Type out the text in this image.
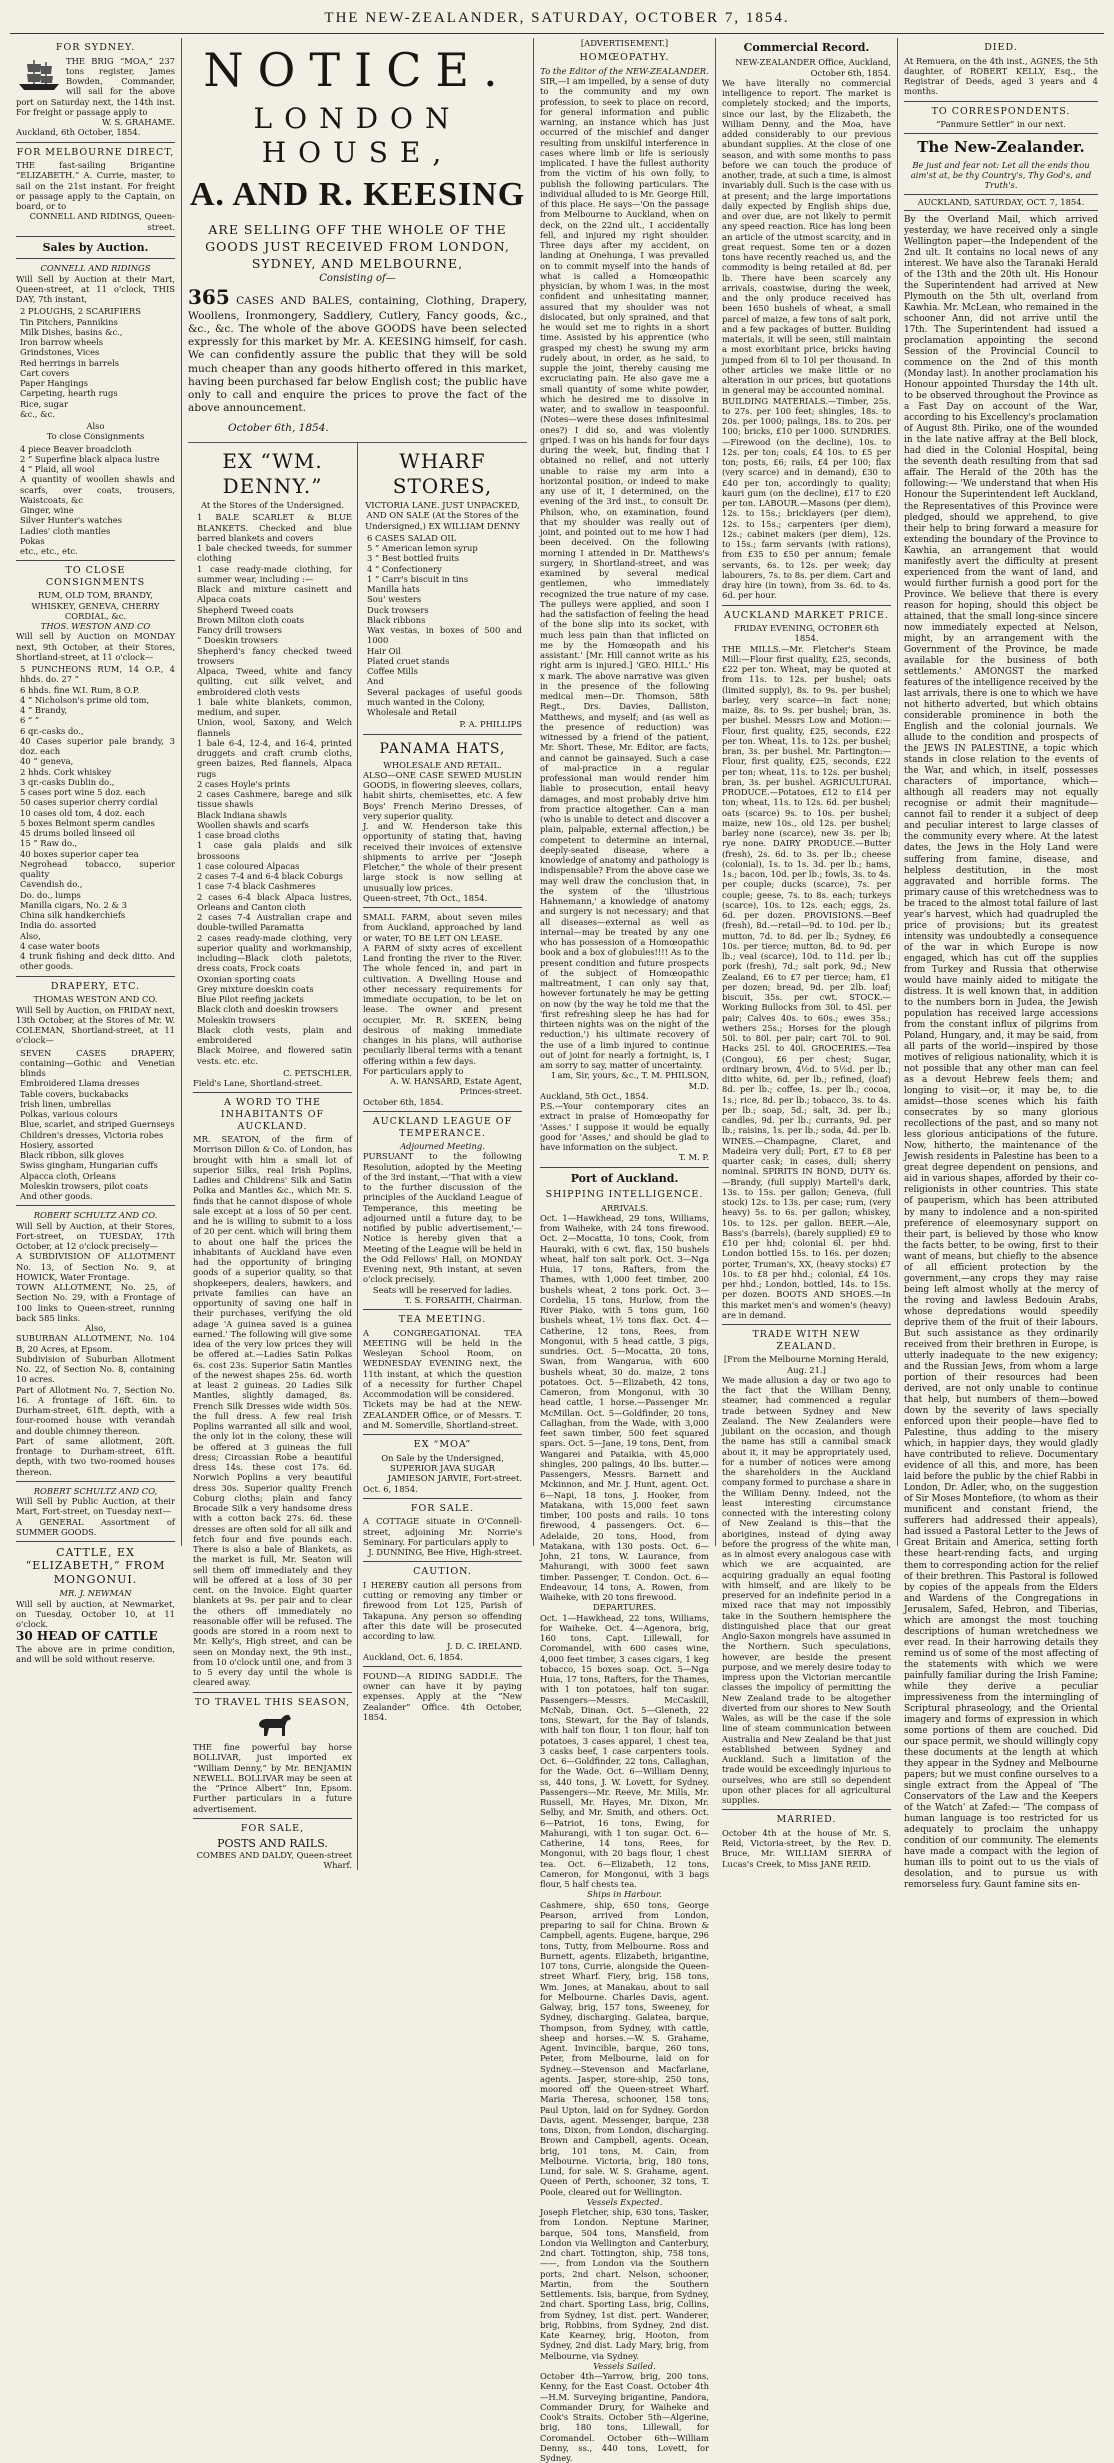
THE NEW-ZEALANDER, SATURDAY, OCTOBER 7, 1854.
FOR SYDNEY.
THE BRIG “MOA,” 237 tons register, James Bowden, Commander, will sail for the above port on Saturday next, the 14th inst. For freight or passage apply to
W. S. GRAHAME.
Auckland, 6th October, 1854.
FOR MELBOURNE DIRECT,
THE fast-sailing Brigantine “ELIZABETH.” A. Currie, master, to sail on the 21st instant. For freight or passage apply to the Captain, on board, or to
CONNELL AND RIDINGS, Queen-street.
Sales by Auction.
CONNELL AND RIDINGS
Will Sell by Auction at their Mart, Queen-street, at 11 o'clock, THIS DAY, 7th instant,
2 PLOUGHS, 2 SCARIFIERS
Tin Pitchers, Pannikins
Milk Dishes, basins &c.,
Iron barrow wheels
Grindstones, Vices
Red herrings in barrels
Cart covers
Paper Hangings
Carpeting, hearth rugs
Rice, sugar
&c., &c.
Also
To close Consignments
4 piece Beaver broadcloth
2 ” Superfine black alpaca lustre
4 ” Plaid, all wool
A quantity of woollen shawls and scarfs, over coats, trousers, Waistcoats, &c
Ginger, wine
Silver Hunter's watches
Ladies' cloth mantles
Pokas
etc., etc., etc.
TO CLOSE CONSIGNMENTS
RUM, OLD TOM, BRANDY, WHISKEY, GENEVA, CHERRY CORDIAL, &c.
THOS. WESTON AND CO
Will sell by Auction on MONDAY next, 9th October, at their Stores, Shortland-street, at 11 o'clock—
5 PUNCHEONS RUM, 14 O.P., 4 hhds. do. 27 ”
6 hhds. fine W.I. Rum, 8 O.P.
4 ” Nicholson's prime old tom,
4 ” Brandy,
6 ” ”
6 qr.-casks do.,
40 Cases superior pale brandy, 3 doz. each
40 ” geneva,
2 hhds. Cork whiskey
3 qr.-casks Dublin do.,
5 cases port wine 5 doz. each
50 cases superior cherry cordial
10 cases old tom, 4 doz. each
5 boxes Belmont sperm candles
45 drums boiled linseed oil
15 ” Raw do.,
40 boxes superior caper tea
Negrohead tobacco, superior quality
Cavendish do.,
Do. do., lumps
Manilla cigars, No. 2 & 3
China silk handkerchiefs
India do. assorted
Also,
4 case water boots
4 trunk fishing and deck ditto. And other goods.
DRAPERY, ETC.
THOMAS WESTON AND CO.
Will Sell by Auction, on FRIDAY next, 13th October, at the Stores of Mr. W. COLEMAN, Shortland-street, at 11 o'clock—
SEVEN CASES DRAPERY, containing—Gothic and Venetian blinds
Embroidered Llama dresses
Table covers, buckabacks
Irish linen, umbrellas
Polkas, various colours
Blue, scarlet, and striped Guernseys
Children's dresses, Victoria robes
Hosiery, assorted
Black ribbon, silk gloves
Swiss gingham, Hungarian cuffs
Alpacca cloth, Orleans
Moleskin trowsers, pilot coats
And other goods.
ROBERT SCHULTZ AND CO.
Will Sell by Auction, at their Stores, Fort-street, on TUESDAY, 17th October, at 12 o'clock precisely—
A SUBDIVISION OF ALLOTMENT No. 13, of Section No. 9, at HOWICK, Water Frontage.
TOWN ALLOTMENT, No. 25, of Section No. 29, with a Frontage of 100 links to Queen-street, running back 585 links.
Also,
SUBURBAN ALLOTMENT, No. 104 B, 20 Acres, at Epsom.
Subdivision of Suburban Allotment No. 22, of Section No. 8, containing 10 acres.
Part of Allotment No. 7, Section No. 16. A frontage of 16ft. 6in. to Durham-street, 61ft. depth, with a four-roomed house with verandah and double chimney thereon.
Part of same allotment, 20ft. frontage to Durham-street, 61ft. depth, with two two-roomed houses thereon.
ROBERT SCHULTZ AND CO,
Will Sell by Public Auction, at their Mart, Fort-street, on Tuesday next—
A GENERAL Assortment of SUMMER GOODS.
CATTLE, EX “ELIZABETH,” FROM MONGONUI.
MR. J. NEWMAN
Will sell by auction, at Newmarket, on Tuesday, October 10, at 11 o'clock.
30 HEAD OF CATTLE
The above are in prime condition, and will be sold without reserve.
NOTICE.
LONDON HOUSE,
A. AND R. KEESING
ARE SELLING OFF THE WHOLE OF THE GOODS JUST RECEIVED FROM LONDON, SYDNEY, AND MELBOURNE,
Consisting of—
365 CASES AND BALES, containing, Clothing, Drapery, Woollens, Ironmongery, Saddlery, Cutlery, Fancy goods, &c., &c., &c. The whole of the above GOODS have been selected expressly for this market by Mr. A. KEESING himself, for cash. We can confidently assure the public that they will be sold much cheaper than any goods hitherto offered in this market, having been purchased far below English cost; the public have only to call and enquire the prices to prove the fact of the above announcement.
October 6th, 1854.
EX “WM. DENNY.”
At the Stores of the Undersigned.
1 BALE SCARLET & BLUE BLANKETS. Checked and blue barred blankets and covers
1 bale checked tweeds, for summer clothing
1 case ready-made clothing, for summer wear, including :—
Black and mixture casinett and Alpaca coats
Shepherd Tweed coats
Brown Milton cloth coats
Fancy drill trowsers
” Doeskin trowsers
Shepherd's fancy checked tweed trowsers
Alpaca, Tweed, white and fancy quilting, cut silk velvet, and embroidered cloth vests
1 bale white blankets, common, medium, and super.
Union, wool, Saxony, and Welch flannels
1 bale 6-4, 12-4, and 16-4, printed druggets and craft crumb cloths, green baizes, Red flannels, Alpaca rugs
2 cases Hoyle's prints
2 cases Cashmere, barege and silk tissue shawls
Black Indiana shawls
Woollen shawls and scarfs
1 case broad cloths
1 case gala plaids and silk brossoons
1 case coloured Alpacas
2 cases 7-4 and 6-4 black Coburgs
1 case 7-4 black Cashmeres
2 cases 6-4 black Alpaca lustres, Orleans and Canton cloth
2 cases 7-4 Australian crape and double-twilled Paramatta
2 cases ready-made clothing, very superior quality and workmanship, including—Black cloth paletots, dress coats, Frock coats
Oxonian sporting coats
Grey mixture doeskin coats
Blue Pilot reefing jackets
Black cloth and doeskin trowsers
Moleskin trowsers
Black cloth vests, plain and embroidered
Black Moiree, and flowered satin vests. etc. etc.
C. PETSCHLER.
Field's Lane, Shortland-street.
A WORD TO THE INHABITANTS OF AUCKLAND.
MR. SEATON, of the firm of Morrison Dillon & Co. of London, has brought with him a small lot of superior Silks, real Irish Poplins, Ladies and Childrens' Silk and Satin Polka and Mantles &c., which Mr. S. finds that he cannot dispose of whole sale except at a loss of 50 per cent. and he is willing to submit to a loss of 20 per cent. which will bring them to about one half the prices the inhabitants of Auckland have even had the opportunity of bringing goods of a superior quality, so that shopkeepers, dealers, hawkers, and private families can have an opportunity of saving one half in their purchases, verifying the old adage 'A guinea saved is a guinea earned.' The following will give some idea of the very low prices they will be offered at.—Ladies Satin Polkas 6s. cost 23s. Superior Satin Mantles of the newest shapes 25s. 6d. worth at least 2 guineas. 20 Ladies Silk Mantles, slightly damaged, 8s. French Silk Dresses wide width 50s. the full dress. A few real Irish Poplins warranted all silk and wool, the only lot in the colony, these will be offered at 3 guineas the full dress; Circassian Robe a beautiful dress 14s. these cost 17s. 6d. Norwich Poplins a very beautiful dress 30s. Superior quality French Coburg cloths; plain and fancy Brocade Silk a very handsome dress with a cotton back 27s. 6d. these dresses are often sold for all silk and fetch four and five pounds each. There is also a bale of Blankets, as the market is full, Mr. Seaton will sell them off immediately and they will be offered at a loss of 30 per cent. on the Invoice. Eight quarter blankets at 9s. per pair and to clear the others off immediately no reasonable offer will be refused. The goods are stored in a room next to Mr. Kelly's, High street, and can be seen on Monday next, the 9th inst., from 10 o'clock until one, and from 3 to 5 every day until the whole is cleared away.
TO TRAVEL THIS SEASON,
THE fine powerful bay horse BOLLIVAR, just imported ex “William Denny,” by Mr. BENJAMIN NEWELL. BOLLIVAR may be seen at the “Prince Albert” Inn, Epsom. Further particulars in a future advertisement.
FOR SALE,
POSTS AND RAILS.
COMBES AND DALDY, Queen-street Wharf.
WHARF STORES,
VICTORIA LANE. JUST UNPACKED, AND ON SALE (At the Stores of the Undersigned,) EX WILLIAM DENNY
6 CASES SALAD OIL
5 ” American lemon syrup
3 ” Best bottled fruits
4 ” Confectionery
1 ” Carr's biscuit in tins
Manilla hats
Sou' westers
Duck trowsers
Black ribbons
Wax vestas, in boxes of 500 and 1000
Hair Oil
Plated cruet stands
Coffee Mills
And
Several packages of useful goods much wanted in the Colony,
Wholesale and Retail
P. A. PHILLIPS
PANAMA HATS,
WHOLESALE AND RETAIL.
ALSO—ONE CASE SEWED MUSLIN GOODS, in flowering sleeves, collars, habit shirts, chemisettes, etc. A few Boys' French Merino Dresses, of very superior quality.
J. and W. Henderson take this opportunity of stating that, having received their invoices of extensive shipments to arrive per “Joseph Fletcher,” the whole of their present large stock is now selling at unusually low prices.
Queen-street, 7th Oct., 1854.
SMALL FARM, about seven miles from Auckland, approached by land or water, TO BE LET ON LEASE.
A FARM of sixty acres of excellent Land fronting the river to the River. The whole fenced in, and part in cultivation. A Dwelling House and other necessary requirements for immediate occupation, to be let on lease. The owner and present occupier, Mr. R. SKEEN, being desirous of making immediate changes in his plans, will authorise peculiarly liberal terms with a tenant offering within a few days.
For particulars apply to
A. W. HANSARD, Estate Agent, Princes-street.
October 6th, 1854.
AUCKLAND LEAGUE OF TEMPERANCE.
Adjourned Meeting.
PURSUANT to the following Resolution, adopted by the Meeting of the 3rd instant,—'That with a view to the further discussion of the principles of the Auckland League of Temperance, this meeting be adjourned until a future day, to be notified by public advertisement,'—Notice is hereby given that a Meeting of the League will be held in the Odd Fellows' Hall, on MONDAY Evening next, 9th instant, at seven o'clock precisely.
Seats will be reserved for ladies.
T. S. FORSAITH, Chairman.
TEA MEETING.
A CONGREGATIONAL TEA MEETING will be held in the Wesleyan School Room, on WEDNESDAY EVENING next, the 11th instant, at which the question of a necessity for further Chapel Accommodation will be considered.
Tickets may be had at the NEW-ZEALANDER Office, or of Messrs. T. and M. Somerville, Shortland-street.
EX “MOA”
On Sale by the Undersigned, SUPERIOR JAVA SUGAR
JAMIESON JARVIE, Fort-street.
Oct. 6, 1854.
FOR SALE.
A COTTAGE situate in O'Connell-street, adjoining Mr. Norrie's Seminary. For particulars apply to
J. DUNNING, Bee Hive, High-street.
CAUTION.
I HEREBY caution all persons from cutting or removing any timber or firewood from Lot 125, Parish of Takapuna. Any person so offending after this date will be prosecuted according to law.
J. D. C. IRELAND.
Auckland, Oct. 6, 1854.
FOUND—A RIDING SADDLE. The owner can have it by paying expenses. Apply at the “New Zealander” Office. 4th October, 1854.
[ADVERTISEMENT.]
HOMŒOPATHY.
To the Editor of the NEW-ZEALANDER.
SIR,—I am impelled, by a sense of duty to the community and my own profession, to seek to place on record, for general information and public warning, an instance which has just occurred of the mischief and danger resulting from unskilful interference in cases where limb or life is seriously implicated. I have the fullest authority from the victim of his own folly, to publish the following particulars. The individual alluded to is Mr. George Hill, of this place. He says—'On the passage from Melbourne to Auckland, when on deck, on the 22nd ult., I accidentally fell, and injured my right shoulder. Three days after my accident, on landing at Onehunga, I was prevailed on to commit myself into the hands of what is called a Homœopathic physician, by whom I was, in the most confident and unhesitating manner, assured that my shoulder was not dislocated, but only sprained, and that he would set me to rights in a short time. Assisted by his apprentice (who grasped my chest) he swung my arm rudely about, in order, as he said, to supple the joint, thereby causing me excruciating pain. He also gave me a small quantity of some white powder, which he desired me to dissolve in water, and to swallow in teaspoonful. (Notes—were these doses infinitesimal ones?) I did so, and was violently griped. I was on his hands for four days during the week, but, finding that I obtained no relief, and not utterly unable to raise my arm into a horizontal position, or indeed to make any use of it, I determined, on the evening of the 3rd inst., to consult Dr. Philson, who, on examination, found that my shoulder was really out of joint, and pointed out to me how I had been deceived. On the following morning I attended in Dr. Matthews's surgery, in Shortland-street, and was examined by several medical gentlemen, who immediately recognized the true nature of my case. The pulleys were applied, and soon I had the satisfaction of feeling the head of the bone slip into its socket, with much less pain than that inflicted on me by the Homœopath and his assistant.' [Mr. Hill cannot write as his right arm is injured.] 'GEO. HILL.' His x mark. The above narrative was given in the presence of the following medical men—Dr. Thomson, 58th Regt., Drs. Davies, Dalliston, Matthews, and myself; and (as well as the presence of reduction) was witnessed by a friend of the patient, Mr. Short. These, Mr. Editor, are facts, and cannot be gainsayed. Such a case of mal-practice in a regular professional man would render him liable to prosecution, entail heavy damages, and most probably drive him from practice altogether. Can a man (who is unable to detect and discover a plain, palpable, external affection,) be competent to determine an internal, deeply-seated disease, where a knowledge of anatomy and pathology is indispensable? From the above case we may well draw the conclusion that, in the system of the 'illustrious Hahnemann,' a knowledge of anatomy and surgery is not necessary; and that all diseases—external as well as internal—may be treated by any one who has possession of a Homœopathic book and a box of globules!!!! As to the present condition and future prospects of the subject of Homœopathic maltreatment, I can only say that, however fortunately he may be getting on now (by the way he told me that the 'first refreshing sleep he has had for thirteen nights was on the night of the reduction,') his ultimate recovery of the use of a limb injured to continue out of joint for nearly a fortnight, is, I am sorry to say, matter of uncertainty.
I am, Sir, yours, &c., T. M. PHILSON, M.D.
Auckland, 5th Oct., 1854.
P.S.—Your contemporary cites an extract in praise of Homœopathy for 'Asses.' I suppose it would be equally good for 'Asses,' and should be glad to have information on the subject.
T. M. P.
Port of Auckland.
SHIPPING INTELLIGENCE.
ARRIVALS.
Oct. 1—Hawkhead, 29 tons, Williams, from Waiheke, with 24 tons firewood. Oct. 2—Mocatta, 10 tons, Cook, from Hauraki, with 6 cwt. flax, 150 bushels wheat, half ton salt pork. Oct. 3—Nga Huia, 17 tons, Rafters, from the Thames, with 1,000 feet timber, 200 bushels wheat, 2 tons pork. Oct. 3—Cordelia, 15 tons, Hurlow, from the River Piako, with 5 tons gum, 160 bushels wheat, 1½ tons flax. Oct. 4—Catherine, 12 tons, Rees, from Mongonui, with 5 head cattle, 3 pigs, sundries. Oct. 5—Mocatta, 20 tons, Swan, from Wangarua, with 600 bushels wheat, 30 do. maize, 2 tons potatoes. Oct. 5—Elizabeth, 42 tons, Cameron, from Mongonui, with 30 head cattle, 1 horse.—Passenger Mr. McMillan. Oct. 5—Goldfinder, 20 tons, Callaghan, from the Wade, with 3,000 feet sawn timber, 500 feet squared spars. Oct. 5—Jane, 19 tons, Dent, from Wangarei and Pataikia, with 45,000 shingles, 200 palings, 40 lbs. butter.—Passengers, Messrs. Barnett and Mckinnon, and Mr. J. Hunt, agent. Oct. 6—Napi, 18 tons, J. Hooker, from Matakana, with 15,000 feet sawn timber, 100 posts and rails. 10 tons firewood, 4 passengers. Oct. 6—Adelaide, 20 tons, Hood, from Matakana, with 130 posts. Oct. 6—John, 21 tons, W. Laurance, from Mahurangi, with 3000 feet sawn timber. Passenger, T. Condon. Oct. 6—Endeavour, 14 tons, A. Rowen, from Waiheke, with 20 tons firewood.
DEPARTURES.
Oct. 1—Hawkhead, 22 tons, Williams, for Waiheke. Oct. 4—Agenora, brig, 160 tons, Capt. Lillewall, for Coromandel, with 600 cases wine, 4,000 feet timber, 3 cases cigars, 1 keg tobacco, 15 boxes soap. Oct. 5—Nga Huia, 17 tons, Rafters, for the Thames, with 1 ton potatoes, half ton sugar. Passengers—Messrs. McCaskill, McNab, Dinan. Oct. 5—Gleneth, 22 tons, Stewart, for the Bay of Islands, with half ton flour, 1 ton flour, half ton potatoes, 3 cases apparel, 1 chest tea, 3 casks beef, 1 case carpenters tools. Oct. 6—Goldfinder, 22 tons, Callaghan, for the Wade. Oct. 6—William Denny, ss, 440 tons, J. W. Lovett, for Sydney. Passengers—Mr. Reeve, Mr. Mills, Mr. Russell, Mr. Hayes, Mr. Dixon, Mr. Selby, and Mr. Smith, and others. Oct. 6—Patriot, 16 tons, Ewing, for Mahurangi, with 1 ton sugar. Oct. 6—Catherine, 14 tons, Rees, for Mongonui, with 20 bags flour, 1 chest tea. Oct. 6—Elizabeth, 12 tons, Cameron, for Mongonui, with 3 bags flour, 5 half chests tea.
Ships in Harbour.
Cashmere, ship, 650 tons, George Pearson, arrived from London, preparing to sail for China. Brown & Campbell, agents. Eugene, barque, 296 tons, Tutty, from Melbourne. Ross and Burnett, agents. Elizabeth, brigantine, 107 tons, Currie, alongside the Queen-street Wharf. Fiery, brig, 158 tons, Wm. Jones, at Manakau, about to sail for Melbourne. Charles Davis, agent. Galway, brig, 157 tons, Sweeney, for Sydney, discharging. Galatea, barque, Thompson, from Sydney, with cattle, sheep and horses.—W. S. Grahame, Agent. Invincible, barque, 260 tons, Peter, from Melbourne, laid on for Sydney.—Stevenson and Macfarlane, agents. Jasper, store-ship, 250 tons, moored off the Queen-street Wharf. Maria Theresa, schooner, 158 tons, Paul Upton, laid on for Sydney. Gordon Davis, agent. Messenger, barque, 238 tons, Dixon, from London, discharging. Brown and Campbell, agents. Ocean, brig, 101 tons, M. Cain, from Melbourne. Victoria, brig, 180 tons, Lund, for sale. W. S. Grahame, agent. Queen of Perth, schooner, 32 tons, T. Poole, cleared out for Wellington.
Vessels Expected.
Joseph Fletcher, ship, 630 tons, Tasker, from London. Neptune Mariner, barque, 504 tons, Mansfield, from London via Wellington and Canterbury, 2nd chart. Tottington, ship, 758 tons, ——, from London via the Southern ports, 2nd chart. Nelson, schooner, Martin, from the Southern Settlements. Isis, barque, from Sydney, 2nd chart. Sporting Lass, brig, Collins, from Sydney, 1st dist. pert. Wanderer, brig, Robbins, from Sydney, 2nd dist. Kate Kearney, brig, Hooton, from Sydney, 2nd dist. Lady Mary, brig, from Melbourne, via Sydney.
Vessels Sailed.
October 4th—Yarrow, brig, 200 tons, Kenny, for the East Coast. October 4th—H.M. Surveying brigantine, Pandora, Commander Drury, for Waiheke and Cook's Straits. October 5th—Algerine, brig, 180 tons, Lillewall, for Coromandel. October 6th—William Denny, ss., 440 tons, Lovett, for Sydney.
Commercial Record.
NEW-ZEALANDER Office, Auckland, October 6th, 1854.
We have literally no commercial intelligence to report. The market is completely stocked; and the imports, since our last, by the Elizabeth, the William Denny, and the Moa, have added considerably to our previous abundant supplies. At the close of one season, and with some months to pass before we can touch the produce of another, trade, at such a time, is almost invariably dull. Such is the case with us at present; and the large importations daily expected by English ships due, and over due, are not likely to permit any speed reaction. Rice has long been an article of the utmost scarcity, and in great request. Some ten or a dozen tons have recently reached us, and the commodity is being retailed at 8d. per lb. There have been scarcely any arrivals, coastwise, during the week, and the only produce received has been 1650 bushels of wheat, a small parcel of maize, a few tons of salt pork, and a few packages of butter. Building materials, it will be seen, still maintain a most exorbitant price, bricks having jumped from 6l to 10l per thousand. In other articles we make little or no alteration in our prices, but quotations in general may be accounted nominal.
BUILDING MATERIALS.—Timber, 25s. to 27s. per 100 feet; shingles, 18s. to 20s. per 1000; palings, 18s. to 20s. per 100; bricks, £10 per 1000. SUNDRIES.—Firewood (on the decline), 10s. to 12s. per ton; coals, £4 10s. to £5 per ton; posts, £6; rails, £4 per 100; flax (very scarce) and in demand), £30 to £40 per ton, accordingly to quality; kauri gum (on the decline), £17 to £20 per ton. LABOUR.—Masons (per diem), 12s. to 15s.; bricklayers (per diem), 12s. to 15s.; carpenters (per diem), 12s.; cabinet makers (per diem), 12s. to 15s.; farm servants (with rations), from £35 to £50 per annum; female servants, 6s. to 12s. per week; day labourers, 7s. to 8s. per diem. Cart and dray hire (in town), from 3s. 6d. to 4s. 6d. per hour.
AUCKLAND MARKET PRICE.
FRIDAY EVENING, OCTOBER 6th 1854.
THE MILLS.—Mr. Fletcher's Steam Mill:—Flour first quality, £25, seconds, £22 per ton. Wheat, may be quoted at from 11s. to 12s. per bushel; oats (limited supply), 8s. to 9s. per bushel; barley, very scarce—in fact none; maize, 8s. to 9s. per bushel; bran, 3s. per bushel. Messrs Low and Motion:—Flour, first quality, £25, seconds, £22 per ton. Wheat, 11s. to 12s. per bushel; bran, 3s. per bushel. Mr. Partington:—Flour, first quality, £25, seconds, £22 per ton; wheat, 11s. to 12s. per bushel; bran, 3s. per bushel. AGRICULTURAL PRODUCE.—Potatoes, £12 to £14 per ton; wheat, 11s. to 12s. 6d. per bushel; oats (scarce) 9s. to 10s. per bushel; maize, new 10s., old 12s. per bushel; barley none (scarce), new 3s. per lb; rye none. DAIRY PRODUCE.—Butter (fresh), 2s. 6d. to 3s. per lb.; cheese (colonial), 1s. to 1s. 3d. per lb.; hams, 1s.; bacon, 10d. per lb.; fowls, 3s. to 4s. per couple; ducks (scarce), 7s. per couple; geese, 7s. to 8s. each; turkeys (scarce), 10s. to 12s. each; eggs, 2s. 6d. per dozen. PROVISIONS.—Beef (fresh), 8d.—retail—9d. to 10d. per lb.; mutton, 7d. to 8d. per lb.; Sydney, £6 10s. per tierce; mutton, 8d. to 9d. per lb.; veal (scarce), 10d. to 11d. per lb.; pork (fresh), 7d.; salt pork, 9d.; New Zealand, £6 to £7 per tierce; ham, £1 per dozen; bread, 9d. per 2lb. loaf; biscuit, 35s. per cwt. STOCK.—Working Bullocks from 30l. to 45l. per pair; Calves 40s. to 60s.; ewes 35s.; wethers 25s.; Horses for the plough 50l. to 80l. per pair; cart 70l. to 90l. Hacks 25l. to 40l. GROCERIES.—Tea (Congou), £6 per chest; Sugar, ordinary brown, 4½d. to 5½d. per lb.; ditto white, 6d. per lb.; refined, (loaf) 8d. per lb.; coffee, 1s. per lb.; cocoa, 1s.; rice, 8d. per lb.; tobacco, 3s. to 4s. per lb.; soap, 5d.; salt, 3d. per lb.; candles, 9d. per lb.; currants, 9d. per lb.; raisins, 1s. per lb.; soda, 4d. per lb. WINES.—Champagne, Claret, and Madeira very dull; Port, £7 to £8 per quarter cask; in cases, dull; sherry nominal. SPIRITS IN BOND, DUTY 6s.—Brandy, (full supply) Martell's dark, 13s. to 15s. per gallon; Geneva, (full stock) 12s. to 13s. per case; rum, (very heavy) 5s. to 6s. per gallon; whiskey, 10s. to 12s. per gallon. BEER.—Ale, Bass's (barrels), (barely supplied) £9 to £10 per hhd; colonial 6l. per hhd. London bottled 15s. to 16s. per dozen; porter, Truman's, XX, (heavy stocks) £7 10s. to £8 per hhd.; colonial, £4 10s. per hhd.; London, bottled, 14s. to 15s. per dozen. BOOTS AND SHOES.—In this market men's and women's (heavy) are in demand.
TRADE WITH NEW ZEALAND.
[From the Melbourne Morning Herald, Aug. 21.]
We made allusion a day or two ago to the fact that the William Denny, steamer, had commenced a regular trade between Sydney and New Zealand. The New Zealanders were jubilant on the occasion, and though the name has still a cannibal smack about it, it may be appropriately used, for a number of notices were among the shareholders in the Auckland company formed to purchase a share in the William Denny. Indeed, not the least interesting circumstance connected with the interesting colony of New Zealand is this—that the aborigines, instead of dying away before the progress of the white man, as in almost every analogous case with which we are acquainted, are acquiring gradually an equal footing with himself, and are likely to be preserved for an indefinite period in a mixed race that may not impossibly take in the Southern hemisphere the distinguished place that our great Anglo-Saxon mongrels have assumed in the Northern. Such speculations, however, are beside the present purpose, and we merely desire today to impress upon the Victorian mercantile classes the impolicy of permitting the New Zealand trade to be altogether diverted from our shores to New South Wales, as will be the case if the sole line of steam communication between Australia and New Zealand be that just established between Sydney and Auckland. Such a limitation of the trade would be exceedingly injurious to ourselves, who are still so dependent upon other places for all agricultural supplies.
MARRIED.
October 4th at the house of Mr. S. Reid, Victoria-street, by the Rev. D. Bruce, Mr. WILLIAM SIERRA of Lucas's Creek, to Miss JANE REID.
DIED.
At Remuera, on the 4th inst., AGNES, the 5th daughter, of ROBERT KELLY, Esq., the Registrar of Deeds, aged 3 years and 4 months.
TO CORRESPONDENTS.
“Panmure Settler” in our next.
The New-Zealander.
Be just and fear not: Let all the ends thou aim'st at, be thy Country's, Thy God's, and Truth's.
AUCKLAND, SATURDAY, OCT. 7, 1854.
By the Overland Mail, which arrived yesterday, we have received only a single Wellington paper—the Independent of the 2nd ult. It contains no local news of any interest. We have also the Taranaki Herald of the 13th and the 20th ult. His Honour the Superintendent had arrived at New Plymouth on the 5th ult, overland from Kawhia. Mr. McLean, who remained in the schooner Ann, did not arrive until the 17th. The Superintendent had issued a proclamation appointing the second Session of the Provincial Council to commence on the 2nd of this month (Monday last). In another proclamation his Honour appointed Thursday the 14th ult. to be observed throughout the Province as a Fast Day on account of the War, according to his Excellency's proclamation of August 8th. Piriko, one of the wounded in the late native affray at the Bell block, had died in the Colonial Hospital, being the seventh death resulting from that sad affair. The Herald of the 20th has the following:— 'We understand that when His Honour the Superintendent left Auckland, the Representatives of this Province were pledged, should we apprehend, to give their help to bring forward a measure for extending the boundary of the Province to Kawhia, an arrangement that would manifestly avert the difficulty at present experienced from the want of land, and would further furnish a good port for the Province. We believe that there is every reason for hoping, should this object be attained, that the small long-since sincere now immediately expected at Nelson, might, by an arrangement with the Government of the Province, be made available for the business of both settlements.' AMONGST the marked features of the intelligence received by the last arrivals, there is one to which we have not hitherto adverted, but which obtains considerable prominence in both the English and the colonial journals. We allude to the condition and prospects of the JEWS IN PALESTINE, a topic which stands in close relation to the events of the War, and which, in itself, possesses characters of importance, which—although all readers may not equally recognise or admit their magnitude—cannot fail to render it a subject of deep and peculiar interest to large classes of the community every where. At the latest dates, the Jews in the Holy Land were suffering from famine, disease, and helpless destitution, in the most aggravated and horrible forms. The primary cause of this wretchedness was to be traced to the almost total failure of last year's harvest, which had quadrupled the price of provisions; but its greatest intensity was undoubtedly a consequence of the war in which Europe is now engaged, which has cut off the supplies from Turkey and Russia that otherwise would have mainly aided to mitigate the distress. It is well known that, in addition to the numbers born in Judea, the Jewish population has received large accessions from the constant influx of pilgrims from Poland, Hungary, and, it may be said, from all parts of the world—inspired by those motives of religious nationality, which it is not possible that any other man can feel as a devout Hebrew feels them; and longing to visit—or, it may be, to die amidst—those scenes which his faith consecrates by so many glorious recollections of the past, and so many not less glorious anticipations of the future. Now, hitherto, the maintenance of the Jewish residents in Palestine has been to a great degree dependent on pensions, and aid in various shapes, afforded by their co-religionists in other countries. This state of pauperism, which has been attributed by many to indolence and a non-spirited preference of eleemosynary support on their part, is believed by those who know the facts better, to be owing, first to their want of means, but chiefly to the absence of all efficient protection by the government,—any crops they may raise being left almost wholly at the mercy of the roving and lawless Bedouin Arabs, whose depredations would speedily deprive them of the fruit of their labours. But such assistance as they ordinarily received from their brethren in Europe, is utterly inadequate to the new exigency; and the Russian Jews, from whom a large portion of their resources had been derived, are not only unable to continue that help, but numbers of them—bowed down by the severity of laws specially enforced upon their people—have fled to Palestine, thus adding to the misery which, in happier days, they would gladly have contributed to relieve. Documentary evidence of all this, and more, has been laid before the public by the chief Rabbi in London, Dr. Adler, who, on the suggestion of Sir Moses Montefiore, (to whom as their munificent and constant friend, the sufferers had addressed their appeals), had issued a Pastoral Letter to the Jews of Great Britain and America, setting forth these heart-rending facts, and urging them to corresponding action for the relief of their brethren. This Pastoral is followed by copies of the appeals from the Elders and Wardens of the Congregations in Jerusalem, Safed, Hebron, and Tiberias, which are amongst the most touching descriptions of human wretchedness we ever read. In their harrowing details they remind us of some of the most affecting of the statements with which we were painfully familiar during the Irish Famine; while they derive a peculiar impressiveness from the intermingling of Scriptural phraseology, and the Oriental imagery and forms of expression in which some portions of them are couched. Did our space permit, we should willingly copy these documents at the length at which they appear in the Sydney and Melbourne papers; but we must confine ourselves to a single extract from the Appeal of 'The Conservators of the Law and the Keepers of the Watch' at Zafed:— 'The compass of human language is too restricted for us adequately to proclaim the unhappy condition of our community. The elements have made a compact with the legion of human ills to point out to us the vials of desolation, and to pursue us with remorseless fury. Gaunt famine sits en-
